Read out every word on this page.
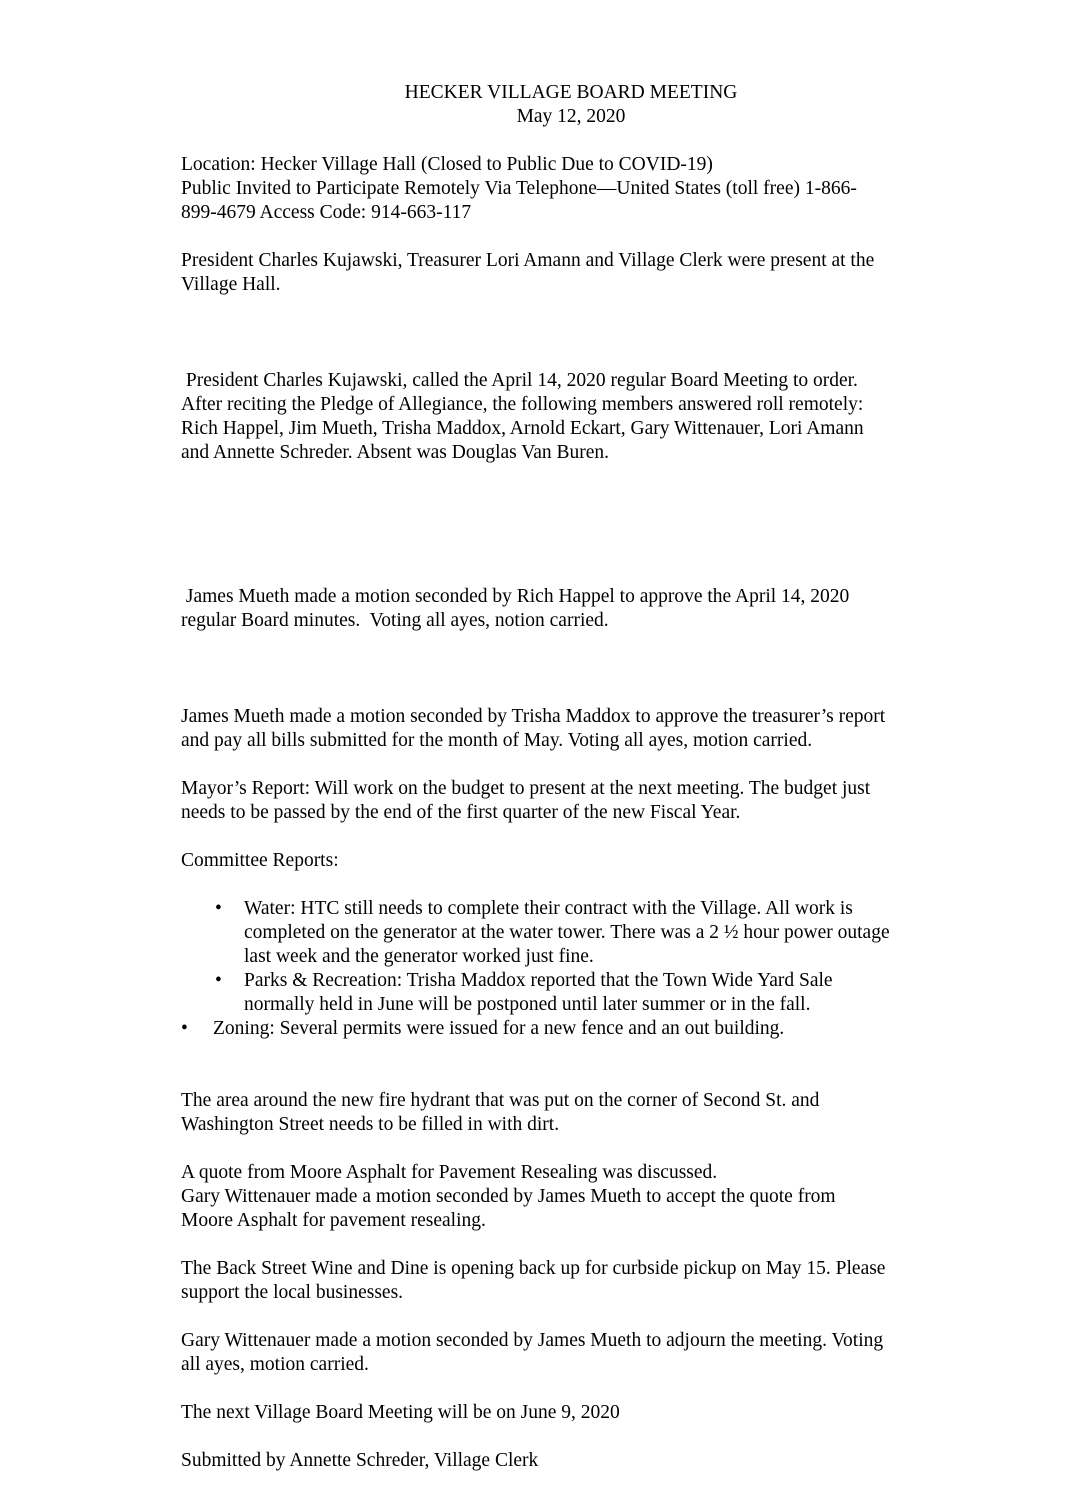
HECKER VILLAGE BOARD MEETING
May 12, 2020

Location: Hecker Village Hall (Closed to Public Due to COVID-19)
Public Invited to Participate Remotely Via Telephone—United States (toll free) 1-866-
899-4679 Access Code: 914-663-117

President Charles Kujawski, Treasurer Lori Amann and Village Clerk were present at the
Village Hall.

President Charles Kujawski, called the April 14, 2020 regular Board Meeting to order.
After reciting the Pledge of Allegiance, the following members answered roll remotely:
Rich Happel, Jim Mueth, Trisha Maddox, Arnold Eckart, Gary Wittenauer, Lori Amann
and Annette Schreder. Absent was Douglas Van Buren.

James Mueth made a motion seconded by Rich Happel to approve the April 14, 2020
regular Board minutes.  Voting all ayes, notion carried.

James Mueth made a motion seconded by Trisha Maddox to approve the treasurer’s report
and pay all bills submitted for the month of May. Voting all ayes, motion carried.

Mayor’s Report: Will work on the budget to present at the next meeting. The budget just
needs to be passed by the end of the first quarter of the new Fiscal Year.

Committee Reports:

• Water: HTC still needs to complete their contract with the Village. All work is
completed on the generator at the water tower. There was a 2 ½ hour power outage
last week and the generator worked just fine.
• Parks & Recreation: Trisha Maddox reported that the Town Wide Yard Sale
normally held in June will be postponed until later summer or in the fall.
• Zoning: Several permits were issued for a new fence and an out building.

The area around the new fire hydrant that was put on the corner of Second St. and
Washington Street needs to be filled in with dirt.

A quote from Moore Asphalt for Pavement Resealing was discussed.
Gary Wittenauer made a motion seconded by James Mueth to accept the quote from
Moore Asphalt for pavement resealing.

The Back Street Wine and Dine is opening back up for curbside pickup on May 15. Please
support the local businesses.

Gary Wittenauer made a motion seconded by James Mueth to adjourn the meeting. Voting
all ayes, motion carried.

The next Village Board Meeting will be on June 9, 2020

Submitted by Annette Schreder, Village Clerk
